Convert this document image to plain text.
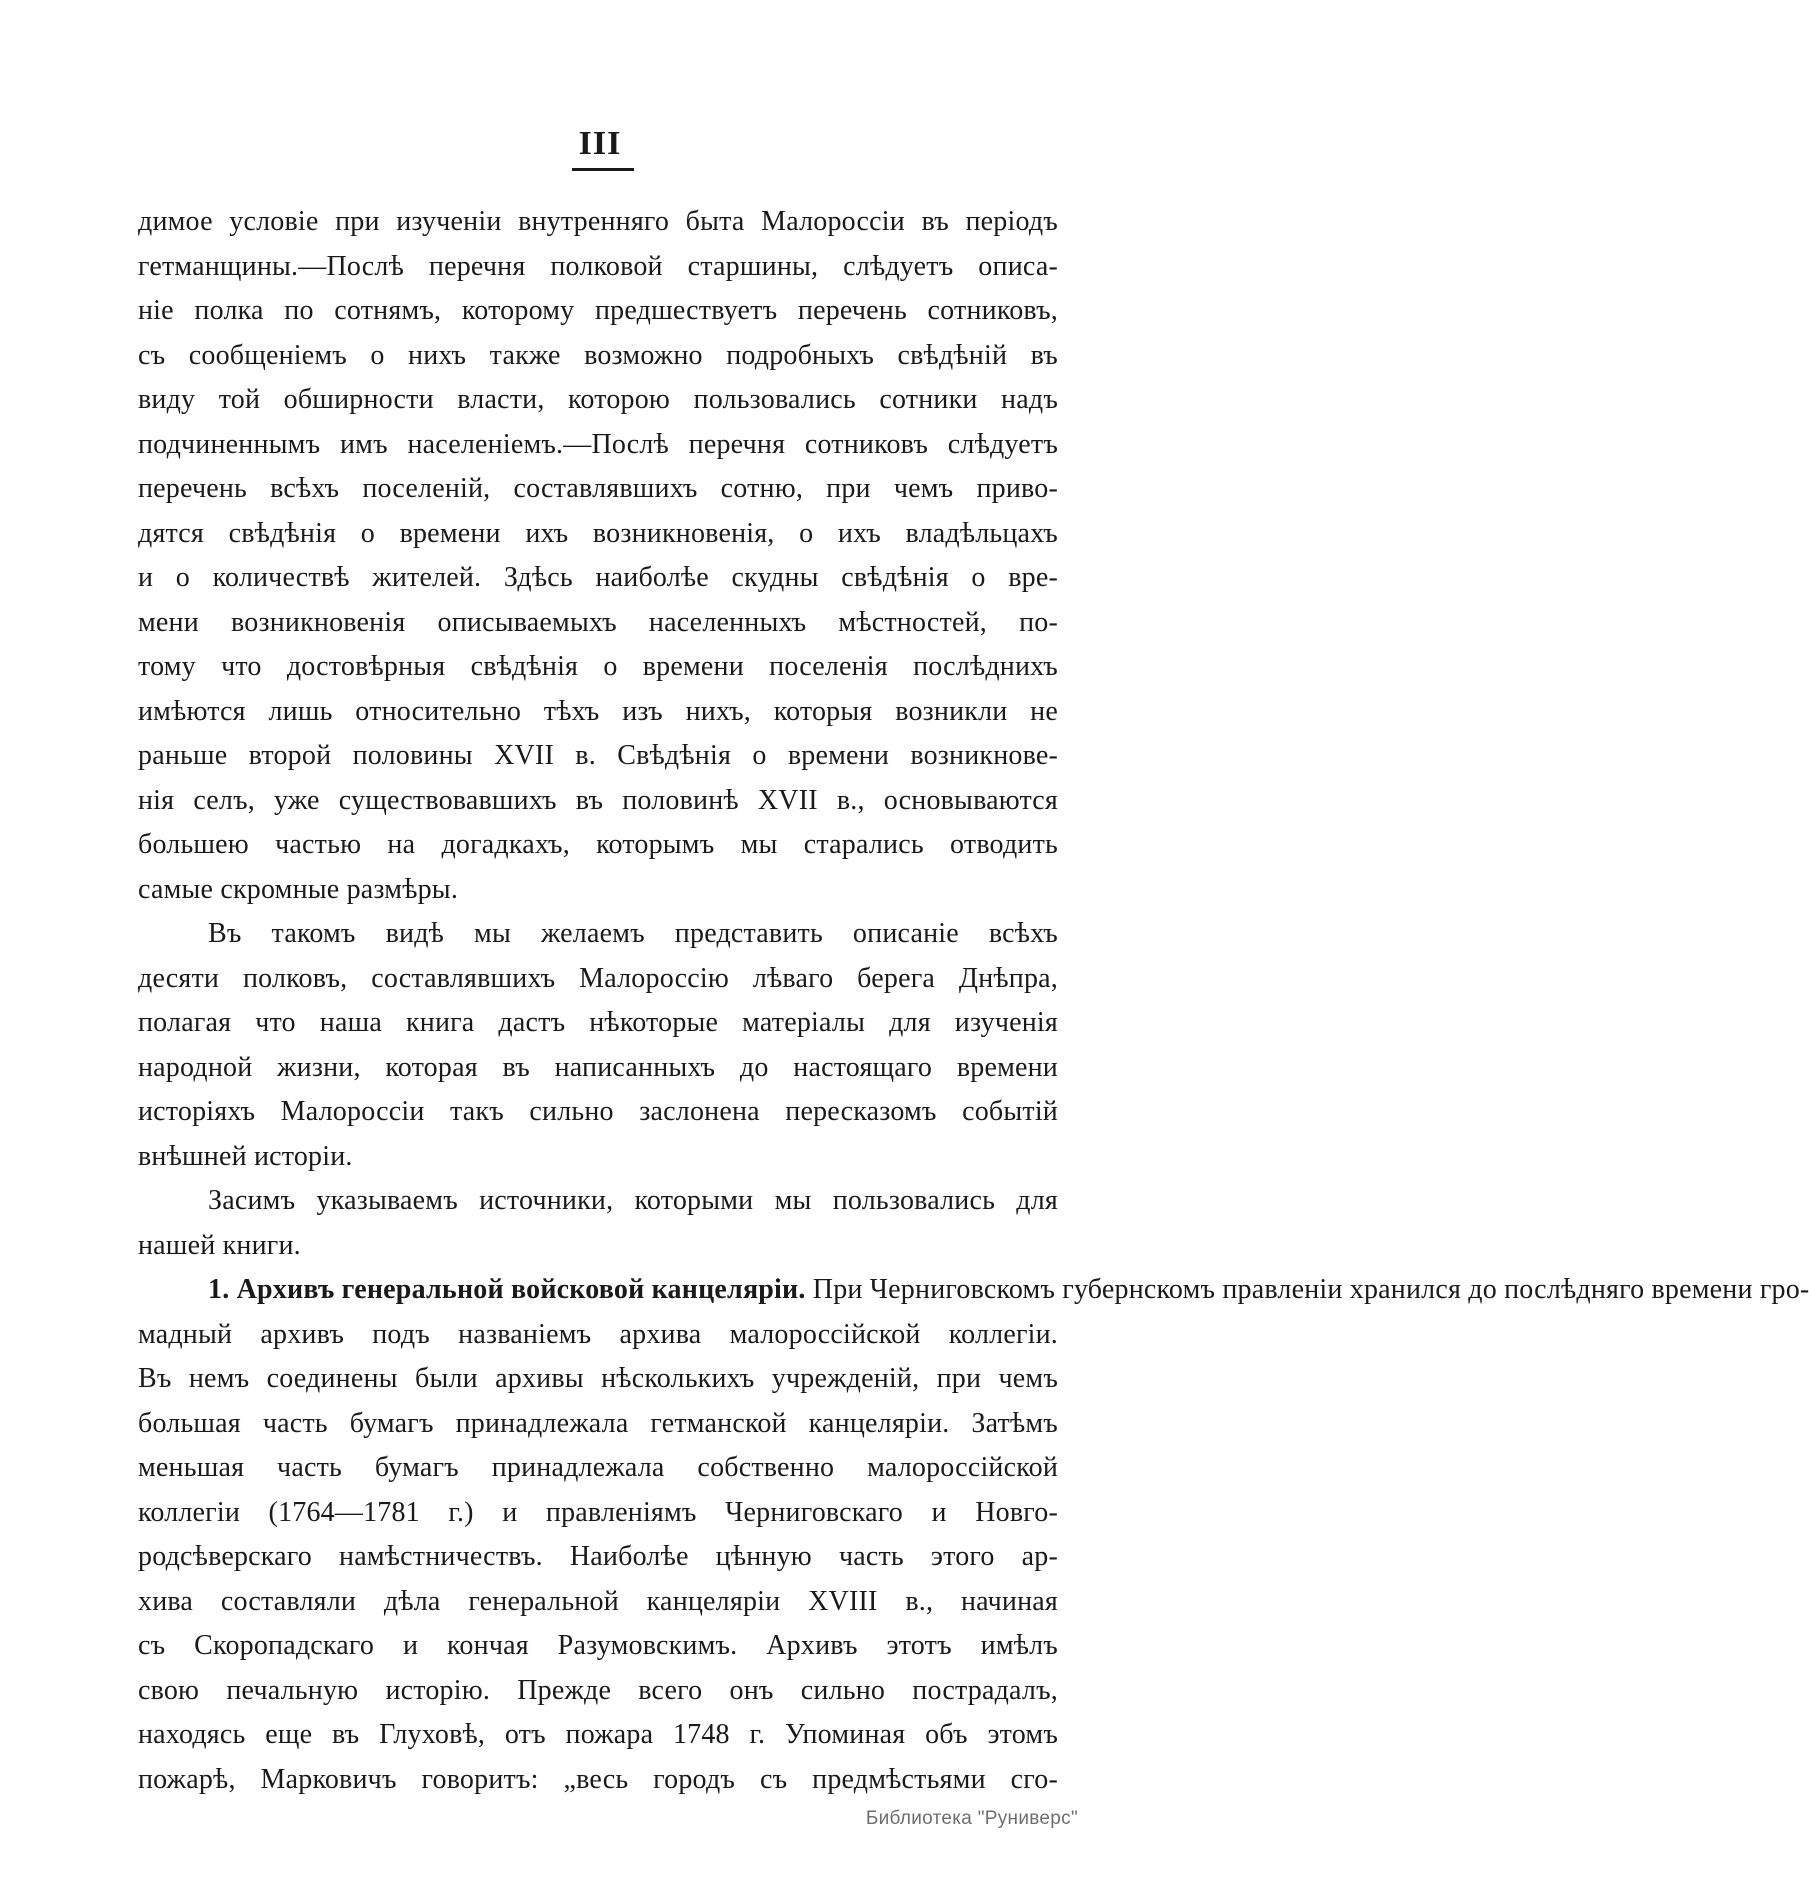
III
димое условіе при изученіи внутренняго быта Малороссіи въ періодъ
гетманщины.—Послѣ перечня полковой старшины, слѣдуетъ описа-
ніе полка по сотнямъ, которому предшествуетъ перечень сотниковъ,
съ сообщеніемъ о нихъ также возможно подробныхъ свѣдѣній въ
виду той обширности власти, которою пользовались сотники надъ
подчиненнымъ имъ населеніемъ.—Послѣ перечня сотниковъ слѣдуетъ
перечень всѣхъ поселеній, составлявшихъ сотню, при чемъ приво-
дятся свѣдѣнія о времени ихъ возникновенія, о ихъ владѣльцахъ
и о количествѣ жителей. Здѣсь наиболѣе скудны свѣдѣнія о вре-
мени возникновенія описываемыхъ населенныхъ мѣстностей, по-
тому что достовѣрныя свѣдѣнія о времени поселенія послѣднихъ
имѣются лишь относительно тѣхъ изъ нихъ, которыя возникли не
раньше второй половины XVII в. Свѣдѣнія о времени возникнове-
нія селъ, уже существовавшихъ въ половинѣ XVII в., основываются
большею частью на догадкахъ, которымъ мы старались отводить
самые скромные размѣры.
Въ такомъ видѣ мы желаемъ представить описаніе всѣхъ
десяти полковъ, составлявшихъ Малороссію лѣваго берега Днѣпра,
полагая что наша книга дастъ нѣкоторые матеріалы для изученія
народной жизни, которая въ написанныхъ до настоящаго времени
исторіяхъ Малороссіи такъ сильно заслонена пересказомъ событій
внѣшней исторіи.
Засимъ указываемъ источники, которыми мы пользовались для
нашей книги.
1. Архивъ генеральной войсковой канцеляріи. При Черниговскомъ губернскомъ правленіи хранился до послѣдняго времени гро-
мадный архивъ подъ названіемъ архива малороссійской коллегіи.
Въ немъ соединены были архивы нѣсколькихъ учрежденій, при чемъ
большая часть бумагъ принадлежала гетманской канцеляріи. Затѣмъ
меньшая часть бумагъ принадлежала собственно малороссійской
коллегіи (1764—1781 г.) и правленіямъ Черниговскаго и Новго-
родсѣверскаго намѣстничествъ. Наиболѣе цѣнную часть этого ар-
хива составляли дѣла генеральной канцеляріи XVIII в., начиная
съ Скоропадскаго и кончая Разумовскимъ. Архивъ этотъ имѣлъ
свою печальную исторію. Прежде всего онъ сильно пострадалъ,
находясь еще въ Глуховѣ, отъ пожара 1748 г. Упоминая объ этомъ
пожарѣ, Марковичъ говоритъ: „весь городъ съ предмѣстьями сго-
Библиотека "Руниверс"
